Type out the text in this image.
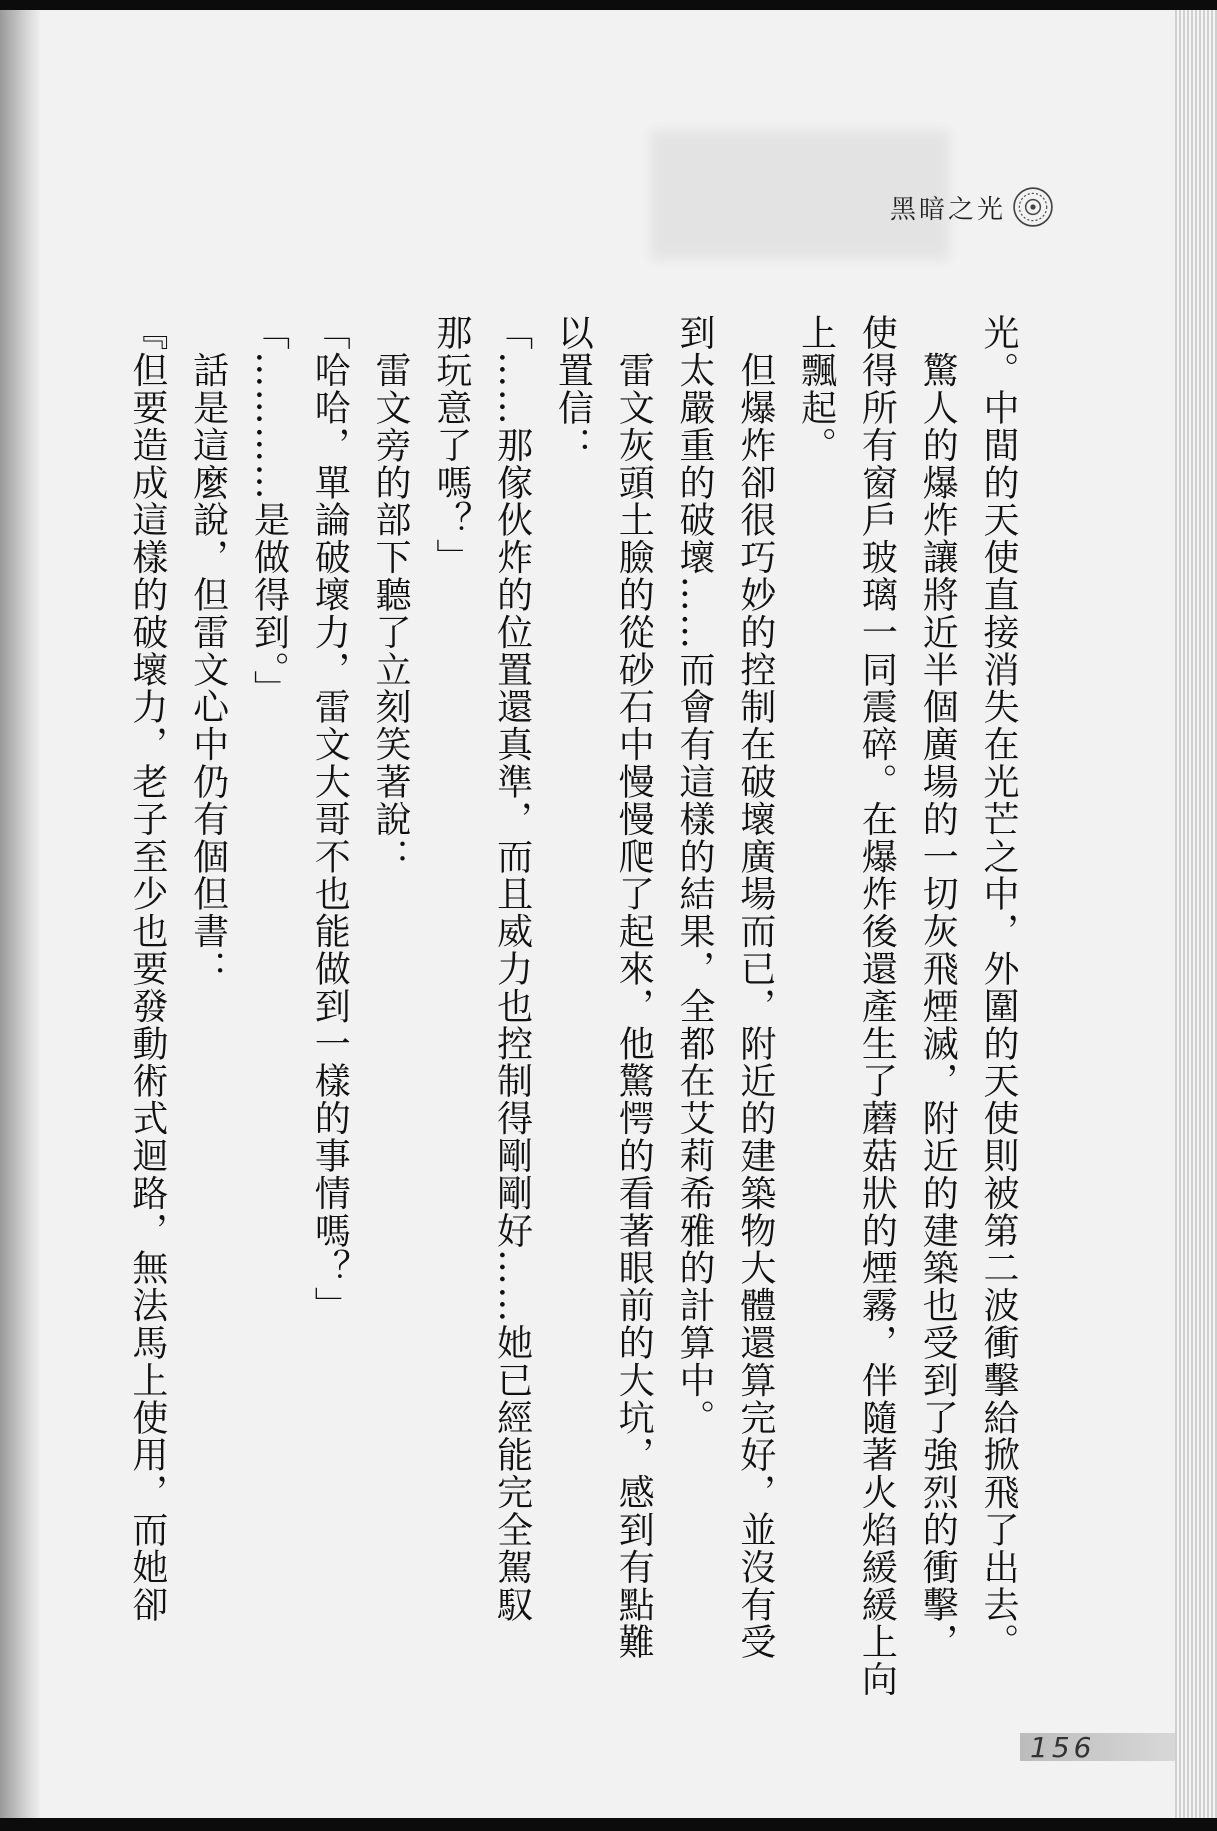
黑暗之光

光。中間的天使直接消失在光芒之中，外圍的天使則被第二波衝擊給掀飛了出去。

　驚人的爆炸讓將近半個廣場的一切灰飛煙滅，附近的建築也受到了強烈的衝擊，

使得所有窗戶玻璃一同震碎。在爆炸後還產生了蘑菇狀的煙霧，伴隨著火焰緩緩上向

上飄起。

　但爆炸卻很巧妙的控制在破壞廣場而已，附近的建築物大體還算完好，並沒有受

到太嚴重的破壞……而會有這樣的結果，全都在艾莉希雅的計算中。

　雷文灰頭土臉的從砂石中慢慢爬了起來，他驚愕的看著眼前的大坑，感到有點難

以置信：

「……那傢伙炸的位置還真準，而且威力也控制得剛剛好……她已經能完全駕馭

那玩意了嗎？」

　雷文旁的部下聽了立刻笑著說：

「哈哈，單論破壞力，雷文大哥不也能做到一樣的事情嗎？」

「…………是做得到。」

　話是這麼說，但雷文心中仍有個但書：

『但要造成這樣的破壞力，老子至少也要發動術式迴路，無法馬上使用，而她卻

156
